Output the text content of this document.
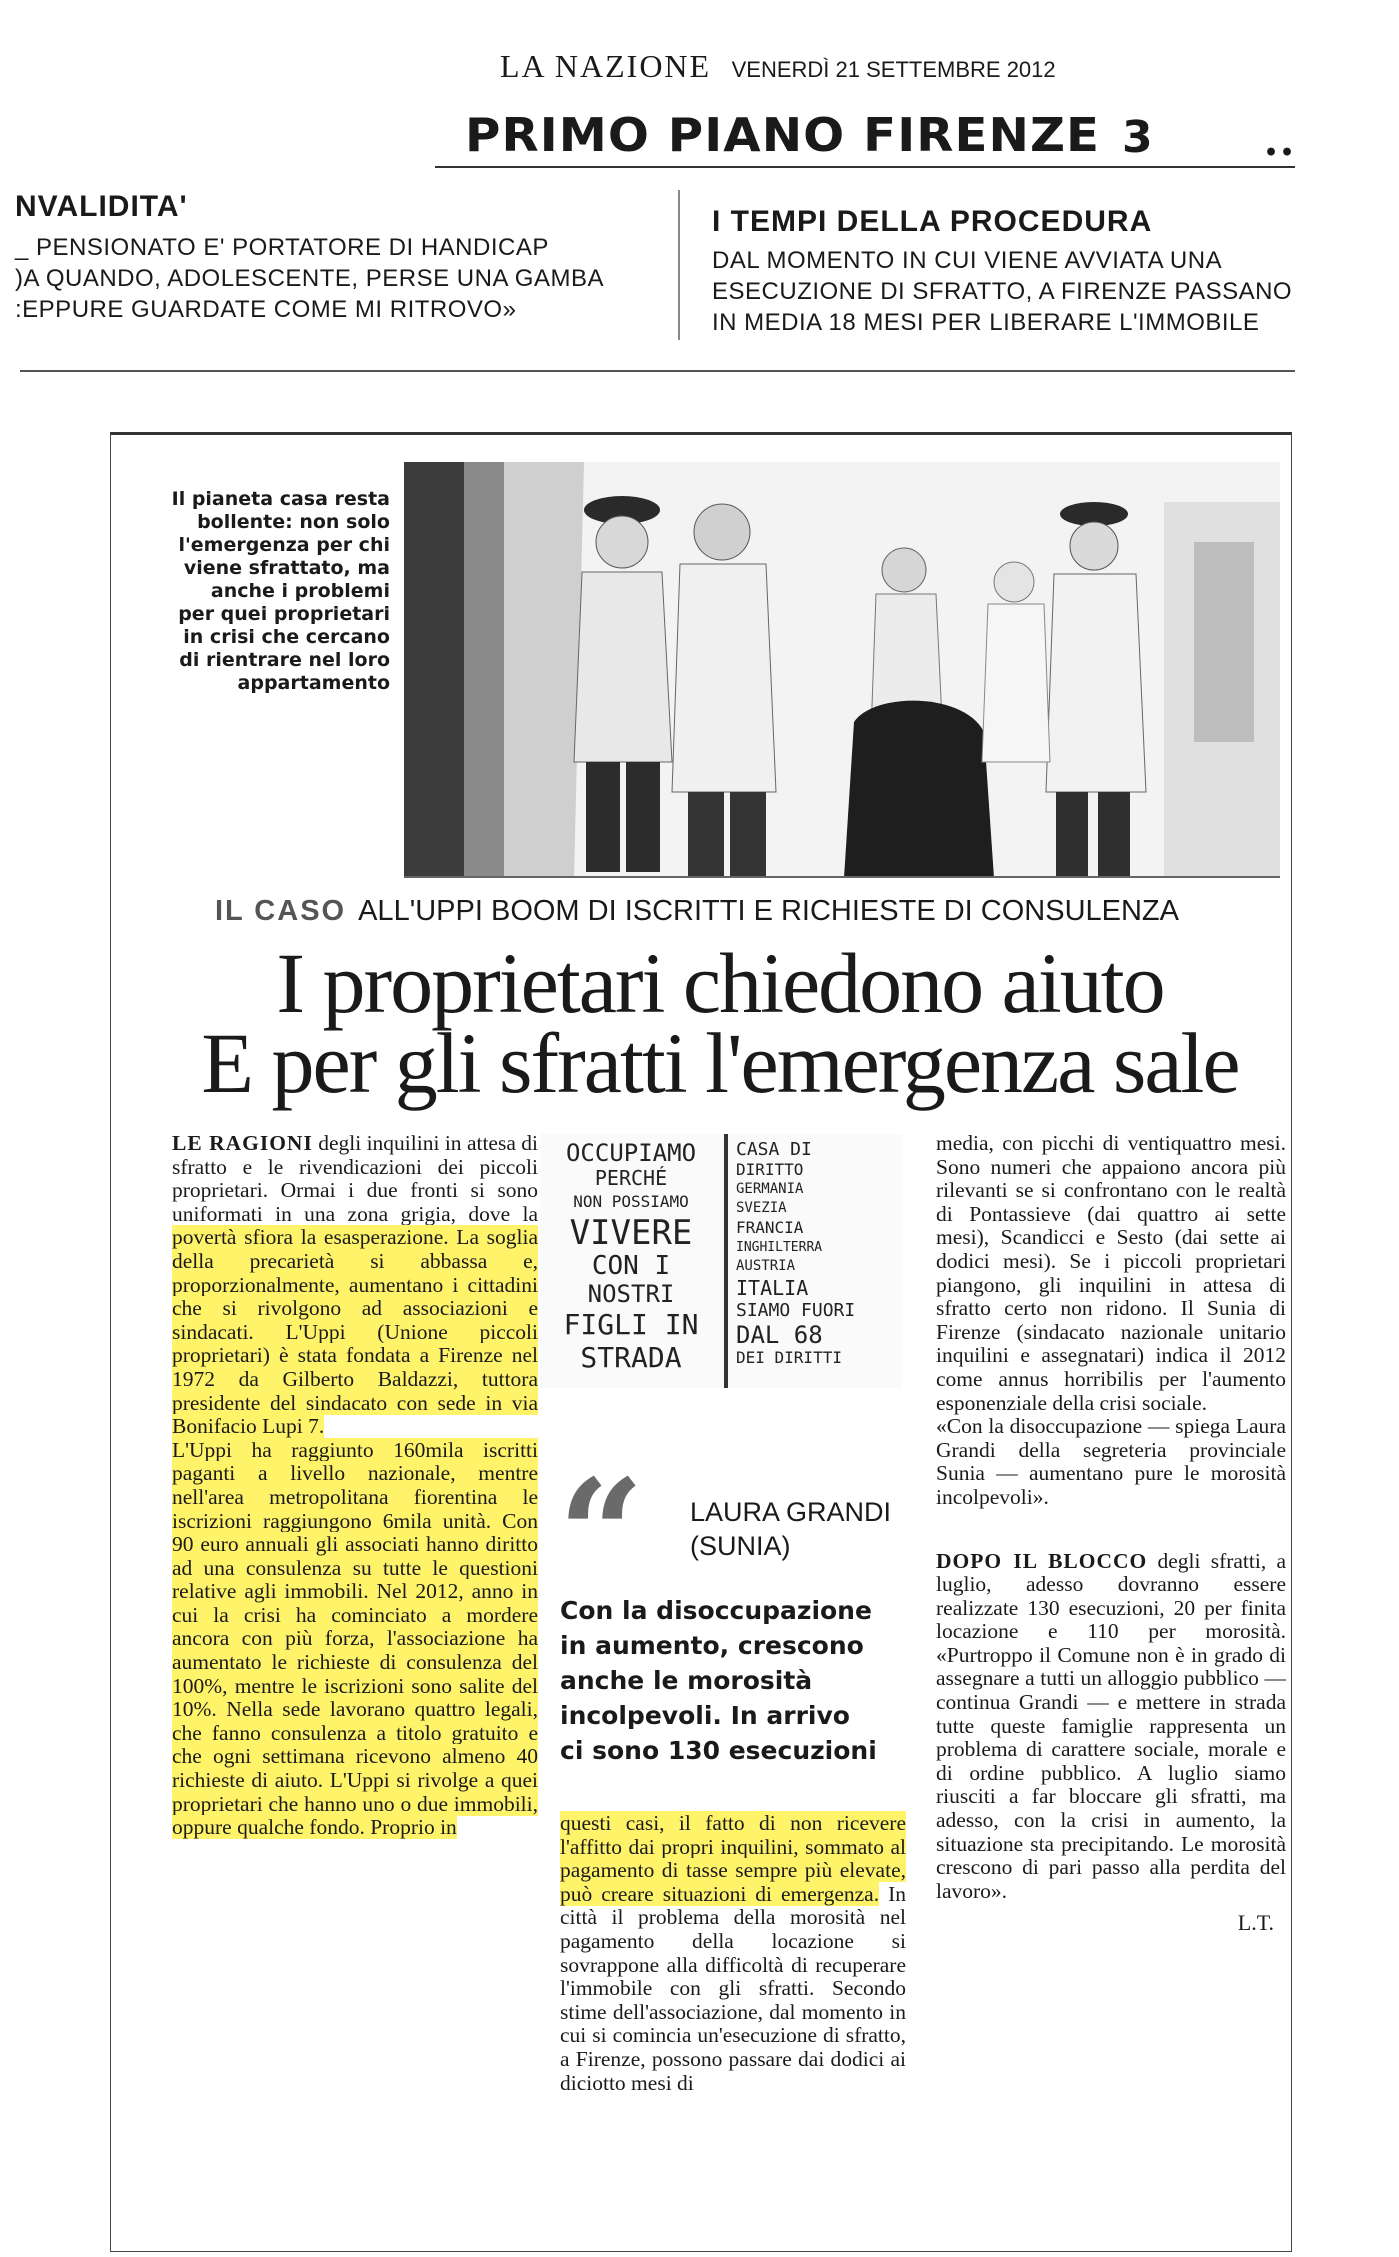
LA NAZIONE VENERDÌ 21 SETTEMBRE 2012
PRIMO PIANO FIRENZE 3	••
NVALIDITA'
_ PENSIONATO E' PORTATORE DI HANDICAP
)A QUANDO, ADOLESCENTE, PERSE UNA GAMBA
:EPPURE GUARDATE COME MI RITROVO»
I TEMPI DELLA PROCEDURA
DAL MOMENTO IN CUI VIENE AVVIATA UNA
ESECUZIONE DI SFRATTO, A FIRENZE PASSANO
IN MEDIA 18 MESI PER LIBERARE L'IMMOBILE
Il pianeta casa resta
bollente: non solo
l'emergenza per chi
viene sfrattato, ma
anche i problemi
per quei proprietari
in crisi che cercano
di rientrare nel loro
appartamento
IL CASO ALL'UPPI BOOM DI ISCRITTI E RICHIESTE DI CONSULENZA
I proprietari chiedono aiuto
E per gli sfratti l'emergenza sale

LE RAGIONI degli inquilini in attesa di sfratto e le rivendicazioni dei piccoli proprietari. Ormai i due fronti si sono uniformati in una zona grigia, dove la povertà sfiora la esasperazione. La soglia della precarietà si abbassa e, proporzionalmente, aumentano i cittadini che si rivolgono ad associazioni e sindacati. L'Uppi (Unione piccoli proprietari) è stata fondata a Firenze nel 1972 da Gilberto Baldazzi, tuttora presidente del sindacato con sede in via Bonifacio Lupi 7.

L'Uppi ha raggiunto 160mila iscritti paganti a livello nazionale, mentre nell'area metropolitana fiorentina le iscrizioni raggiungono 6mila unità. Con 90 euro annuali gli associati hanno diritto ad una consulenza su tutte le questioni relative agli immobili. Nel 2012, anno in cui la crisi ha cominciato a mordere ancora con più forza, l'associazione ha aumentato le richieste di consulenza del 100%, mentre le iscrizioni sono salite del 10%. Nella sede lavorano quattro legali, che fanno consulenza a titolo gratuito e che ogni settimana ricevono almeno 40 richieste di aiuto. L'Uppi si rivolge a quei proprietari che hanno uno o due immobili, oppure qualche fondo. Proprio in

OCCUPIAMO
PERCHÉ
NON POSSIAMO
VIVERE
CON I
NOSTRI
FIGLI IN
STRADA
CASA DI
DIRITTO
GERMANIA
SVEZIA
FRANCIA
INGHILTERRA
AUSTRIA
ITALIA
SIAMO FUORI
DAL 68
DEI DIRITTI
“ LAURA GRANDI
(SUNIA)
Con la disoccupazione
in aumento, crescono
anche le morosità
incolpevoli. In arrivo
ci sono 130 esecuzioni

questi casi, il fatto di non ricevere l'affitto dai propri inquilini, sommato al pagamento di tasse sempre più elevate, può creare situazioni di emergenza. In città il problema della morosità nel pagamento della locazione si sovrappone alla difficoltà di recuperare l'immobile con gli sfratti. Secondo stime dell'associazione, dal momento in cui si comincia un'esecuzione di sfratto, a Firenze, possono passare dai dodici ai diciotto mesi di

media, con picchi di ventiquattro mesi. Sono numeri che appaiono ancora più rilevanti se si confrontano con le realtà di Pontassieve (dai quattro ai sette mesi), Scandicci e Sesto (dai sette ai dodici mesi). Se i piccoli proprietari piangono, gli inquilini in attesa di sfratto certo non ridono. Il Sunia di Firenze (sindacato nazionale unitario inquilini e assegnatari) indica il 2012 come annus horribilis per l'aumento esponenziale della crisi sociale.

«Con la disoccupazione — spiega Laura Grandi della segreteria provinciale Sunia — aumentano pure le morosità incolpevoli».

DOPO IL BLOCCO degli sfratti, a luglio, adesso dovranno essere realizzate 130 esecuzioni, 20 per finita locazione e 110 per morosità. «Purtroppo il Comune non è in grado di assegnare a tutti un alloggio pubblico — continua Grandi — e mettere in strada tutte queste famiglie rappresenta un problema di carattere sociale, morale e di ordine pubblico. A luglio siamo riusciti a far bloccare gli sfratti, ma adesso, con la crisi in aumento, la situazione sta precipitando. Le morosità crescono di pari passo alla perdita del lavoro».

L.T.
